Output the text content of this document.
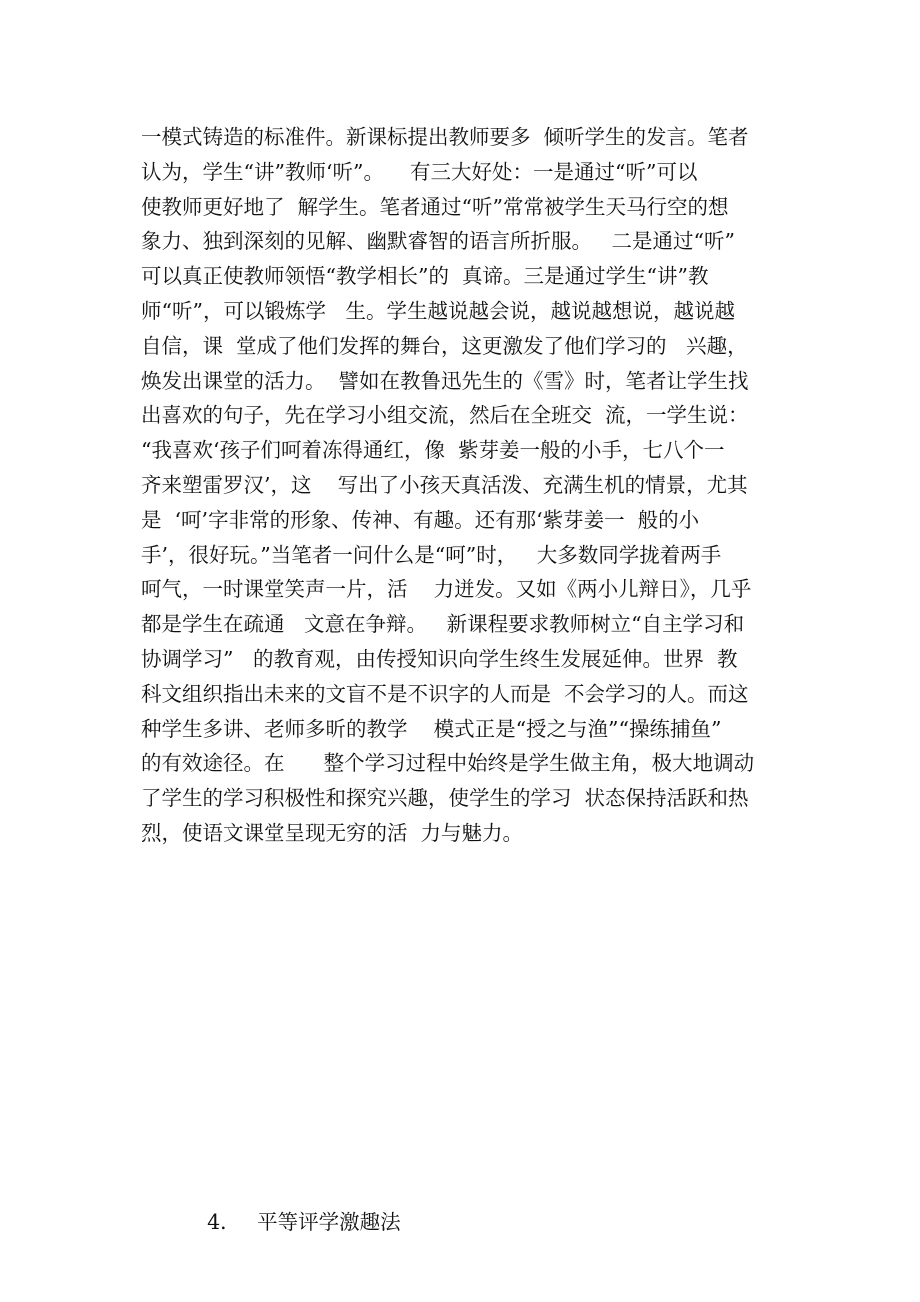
一模式铸造的标准件。新课标提出教师要多  倾听学生的发言。笔者
认为，学生“讲”教师‘听”。    有三大好处：一是通过“听”可以
使教师更好地了  解学生。笔者通过“听”常常被学生天马行空的想
象力、独到深刻的见解、幽默睿智的语言所折服。   二是通过“听”
可以真正使教师领悟“教学相长”的  真谛。三是通过学生“讲”教
师“听”，可以锻炼学   生。学生越说越会说，越说越想说，越说越
自信，课  堂成了他们发挥的舞台，这更激发了他们学习的   兴趣，
焕发出课堂的活力。  譬如在教鲁迅先生的《雪》时，笔者让学生找
出喜欢的句子，先在学习小组交流，然后在全班交  流，一学生说：
“我喜欢‘孩子们呵着冻得通红，像  紫芽姜一般的小手，七八个一
齐来塑雷罗汉’，这    写出了小孩天真活泼、充满生机的情景，尤其
是  ‘呵’字非常的形象、传神、有趣。还有那‘紫芽姜一  般的小
手’，很好玩。”当笔者一问什么是“呵”时，   大多数同学拢着两手
呵气，一时课堂笑声一片，活    力迸发。又如《两小儿辩日》，几乎
都是学生在疏通   文意在争辩。   新课程要求教师树立“自主学习和
协调学习”   的教育观，由传授知识向学生终生发展延伸。世界  教
科文组织指出未来的文盲不是不识字的人而是  不会学习的人。而这
种学生多讲、老师多昕的教学    模式正是“授之与渔”“操练捕鱼”
的有效途径。在      整个学习过程中始终是学生做主角，极大地调动
了学生的学习积极性和探究兴趣，使学生的学习  状态保持活跃和热
烈，使语文课堂呈现无穷的活  力与魅力。

4． 平等评学激趣法
